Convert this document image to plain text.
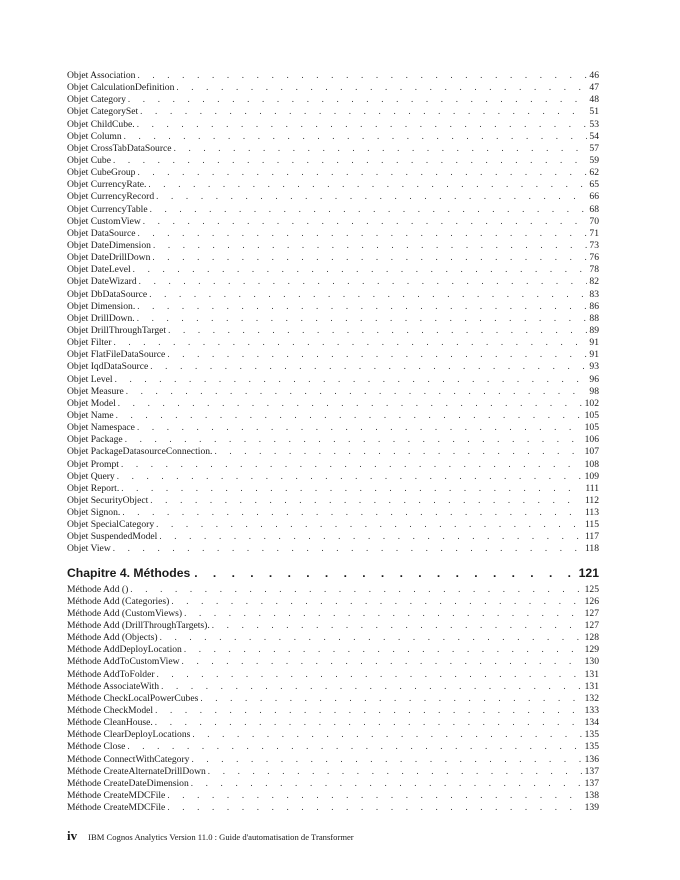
Objet Association . . .	46
Objet CalculationDefinition . . .	47
Objet Category . . .	48
Objet CategorySet . . .	51
Objet ChildCube. . . .	53
Objet Column . . .	54
Objet CrossTabDataSource . . .	57
Objet Cube . . .	59
Objet CubeGroup . . .	62
Objet CurrencyRate. . . .	65
Objet CurrencyRecord . . .	66
Objet CurrencyTable . . .	68
Objet CustomView . . .	70
Objet DataSource . . .	71
Objet DateDimension . . .	73
Objet DateDrillDown . . .	76
Objet DateLevel . . .	78
Objet DateWizard . . .	82
Objet DbDataSource . . .	83
Objet Dimension. . . .	86
Objet DrillDown. . . .	88
Objet DrillThroughTarget . . .	89
Objet Filter . . .	91
Objet FlatFileDataSource . . .	91
Objet IqdDataSource . . .	93
Objet Level . . .	96
Objet Measure . . .	98
Objet Model . . .	102
Objet Name . . .	105
Objet Namespace . . .	105
Objet Package . . .	106
Objet PackageDatasourceConnection. . . .	107
Objet Prompt . . .	108
Objet Query . . .	109
Objet Report. . . .	111
Objet SecurityObject . . .	112
Objet Signon. . . .	113
Objet SpecialCategory . . .	115
Objet SuspendedModel . . .	117
Objet View . . .	118
Chapitre 4. Méthodes . . .	121
Méthode Add () . . .	125
Méthode Add (Categories) . . .	126
Méthode Add (CustomViews) . . .	127
Méthode Add (DrillThroughTargets). . . .	127
Méthode Add (Objects) . . .	128
Méthode AddDeployLocation . . .	129
Méthode AddToCustomView . . .	130
Méthode AddToFolder . . .	131
Méthode AssociateWith . . .	131
Méthode CheckLocalPowerCubes . . .	132
Méthode CheckModel . . .	133
Méthode CleanHouse. . . .	134
Méthode ClearDeployLocations . . .	135
Méthode Close . . .	135
Méthode ConnectWithCategory . . .	136
Méthode CreateAlternateDrillDown . . .	137
Méthode CreateDateDimension . . .	137
Méthode CreateMDCFile . . .	138
Méthode CreateMDCFile . . .	139
iv IBM Cognos Analytics Version 11.0 : Guide d'automatisation de Transformer
